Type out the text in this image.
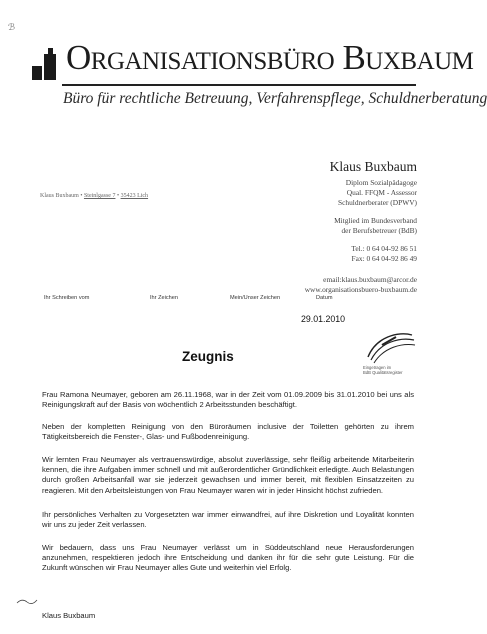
ℬ
Organisationsbüro Buxbaum
Büro für rechtliche Betreuung, Verfahrenspflege, Schuldnerberatung
Klaus Buxbaum
Diplom Sozialpädagoge
Qual. FFQM - Assessor
Schuldnerberater (DPWV)
Mitglied im Bundesverband
der Berufsbetreuer (BdB)
Tel.: 0 64 04-92 86 51
Fax: 0 64 04-92 86 49
email:klaus.buxbaum@arcor.de
www.organisationsbuero-buxbaum.de
Klaus Buxbaum • Steinlgasse 7 • 35423 Lich
Ihr Schreiben vom	Ihr Zeichen	Mein/Unser Zeichen	Datum
29.01.2010
Eingetragen im
BdB Qualitätsregister
Zeugnis

Frau Ramona Neumayer, geboren am 26.11.1968, war in der Zeit vom 01.09.2009 bis 31.01.2010 bei uns als Reinigungskraft auf der Basis von wöchentlich 2 Arbeitsstunden beschäftigt.

Neben der kompletten Reinigung von den Büroräumen inclusive der Toiletten gehörten zu ihrem Tätigkeitsbereich die Fenster-, Glas- und Fußbodenreinigung.

Wir lernten Frau Neumayer als vertrauenswürdige, absolut zuverlässige, sehr fleißig arbeitende Mitarbeiterin kennen, die ihre Aufgaben immer schnell und mit außerordentlicher Gründlichkeit erledigte. Auch Belastungen durch großen Arbeitsanfall war sie jederzeit gewachsen und immer bereit, mit flexiblen Einsatzzeiten zu reagieren. Mit den Arbeitsleistungen von Frau Neumayer waren wir in jeder Hinsicht höchst zufrieden.

Ihr persönliches Verhalten zu Vorgesetzten war immer einwandfrei, auf ihre Diskretion und Loyalität konnten wir uns zu jeder Zeit verlassen.

Wir bedauern, dass uns Frau Neumayer verlässt um in Süddeutschland neue Herausforderungen anzunehmen, respektieren jedoch ihre Entscheidung und danken ihr für die sehr gute Leistung. Für die Zukunft wünschen wir Frau Neumayer alles Gute und weiterhin viel Erfolg.

Klaus Buxbaum
